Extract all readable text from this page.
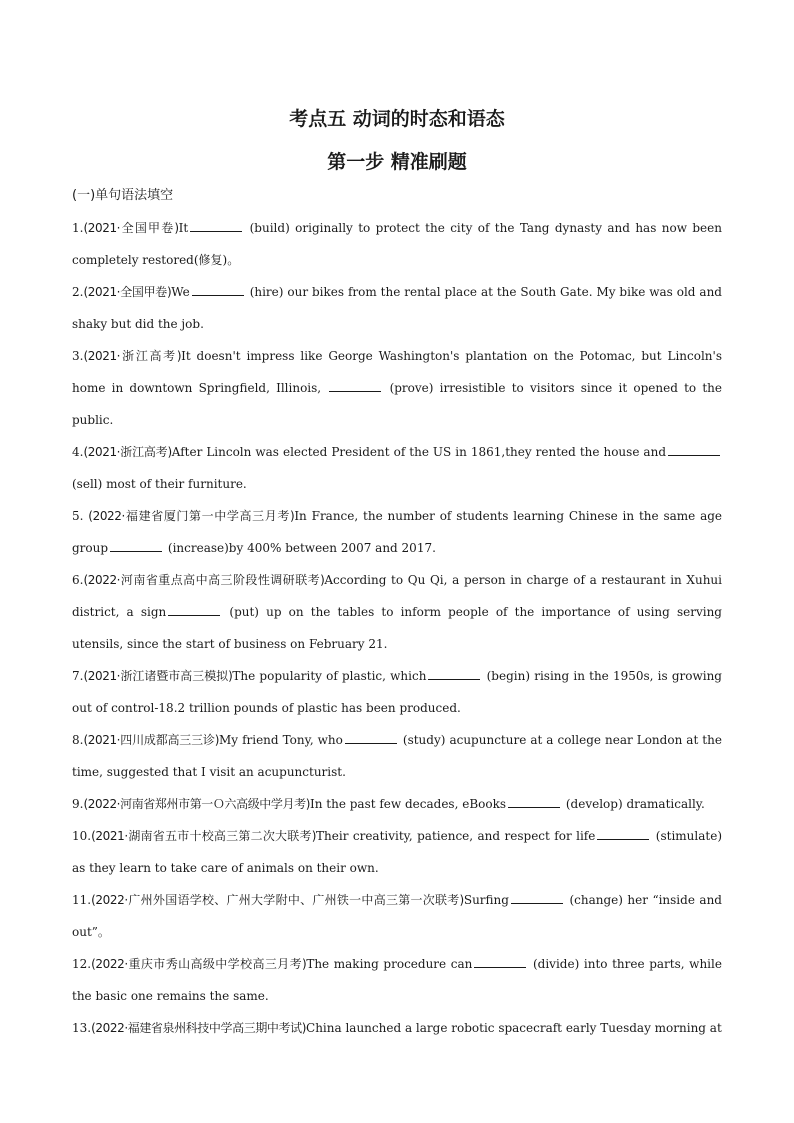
考点五 动词的时态和语态
第一步 精准刷题

(一)单句语法填空

1.(2021·全国甲卷)It	(build) originally to protect the city of the Tang dynasty and has now been completely restored(修复)。

2.(2021·全国甲卷)We	(hire) our bikes from the rental place at the South Gate. My bike was old and shaky but did the job.

3.(2021·浙江高考)It doesn't impress like George Washington's plantation on the Potomac, but Lincoln's home in downtown Springfield, Illinois,	(prove) irresistible to visitors since it opened to the public.

4.(2021·浙江高考)After Lincoln was elected President of the US in 1861,they rented the house and (sell) most of their furniture.

5. (2022·福建省厦门第一中学高三月考)In France, the number of students learning Chinese in the same age group	(increase)by 400% between 2007 and 2017.

6.(2022·河南省重点高中高三阶段性调研联考)According to Qu Qi, a person in charge of a restaurant in Xuhui district, a sign	(put) up on the tables to inform people of the importance of using serving utensils, since the start of business on February 21.

7.(2021·浙江诸暨市高三模拟)The popularity of plastic, which	(begin) rising in the 1950s, is growing out of control-18.2 trillion pounds of plastic has been produced.

8.(2021·四川成都高三三诊)My friend Tony, who	(study) acupuncture at a college near London at the time, suggested that I visit an acupuncturist.

9.(2022·河南省郑州市第一Ｏ六高级中学月考)In the past few decades, eBooks	(develop) dramatically.

10.(2021·湖南省五市十校高三第二次大联考)Their creativity, patience, and respect for life	(stimulate) as they learn to take care of animals on their own.

11.(2022·广州外国语学校、广州大学附中、广州铁一中高三第一次联考)Surfing	(change) her “inside and out”。

12.(2022·重庆市秀山高级中学校高三月考)The making procedure can	(divide) into three parts, while the basic one remains the same.

13.(2022·福建省泉州科技中学高三期中考试)China launched a large robotic spacecraft early Tuesday morning at
